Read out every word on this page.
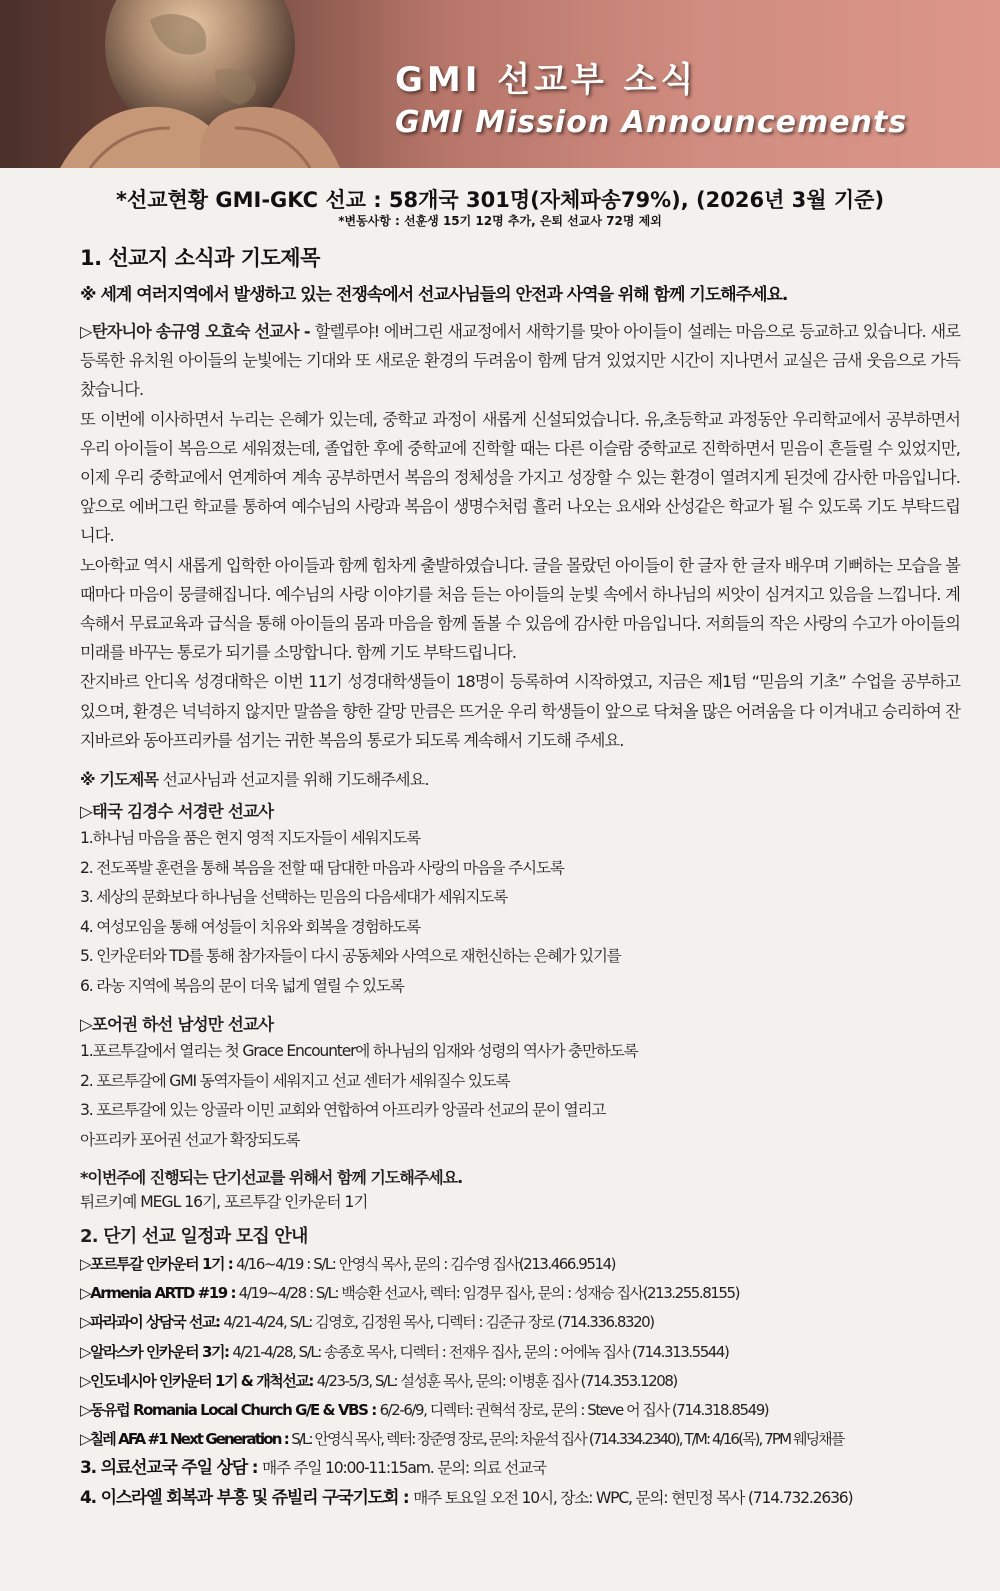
GMI 선교부 소식
GMI Mission Announcements
*선교현황 GMI-GKC 선교 : 58개국 301명(자체파송79%), (2026년 3월 기준)
*변동사항 : 선훈생 15기 12명 추가, 은퇴 선교사 72명 제외
1. 선교지 소식과 기도제목
※ 세계 여러지역에서 발생하고 있는 전쟁속에서 선교사님들의 안전과 사역을 위해 함께 기도해주세요.

▷탄자니아 송규영 오효숙 선교사 - 할렐루야! 에버그린 새교정에서 새학기를 맞아 아이들이 설레는 마음으로 등교하고 있습니다. 새로 등록한 유치원 아이들의 눈빛에는 기대와 또 새로운 환경의 두려움이 함께 담겨 있었지만 시간이 지나면서 교실은 금새 웃음으로 가득 찼습니다.

또 이번에 이사하면서 누리는 은혜가 있는데, 중학교 과정이 새롭게 신설되었습니다. 유,초등학교 과정동안 우리학교에서 공부하면서 우리 아이들이 복음으로 세워졌는데, 졸업한 후에 중학교에 진학할 때는 다른 이슬람 중학교로 진학하면서 믿음이 흔들릴 수 있었지만, 이제 우리 중학교에서 연계하여 계속 공부하면서 복음의 정체성을 가지고 성장할 수 있는 환경이 열려지게 된것에 감사한 마음입니다. 앞으로 에버그린 학교를 통하여 예수님의 사랑과 복음이 생명수처럼 흘러 나오는 요새와 산성같은 학교가 될 수 있도록 기도 부탁드립니다.

노아학교 역시 새롭게 입학한 아이들과 함께 힘차게 출발하였습니다. 글을 몰랐던 아이들이 한 글자 한 글자 배우며 기뻐하는 모습을 볼 때마다 마음이 뭉클해집니다. 예수님의 사랑 이야기를 처음 듣는 아이들의 눈빛 속에서 하나님의 씨앗이 심겨지고 있음을 느낍니다. 계속해서 무료교육과 급식을 통해 아이들의 몸과 마음을 함께 돌볼 수 있음에 감사한 마음입니다. 저희들의 작은 사랑의 수고가 아이들의 미래를 바꾸는 통로가 되기를 소망합니다. 함께 기도 부탁드립니다.

잔지바르 안디옥 성경대학은 이번 11기 성경대학생들이 18명이 등록하여 시작하였고, 지금은 제1텀 “믿음의 기초” 수업을 공부하고 있으며, 환경은 넉넉하지 않지만 말씀을 향한 갈망 만큼은 뜨거운 우리 학생들이 앞으로 닥쳐올 많은 어려움을 다 이겨내고 승리하여 잔지바르와 동아프리카를 섬기는 귀한 복음의 통로가 되도록 계속해서 기도해 주세요.

※ 기도제목 선교사님과 선교지를 위해 기도해주세요.
▷태국 김경수 서경란 선교사
1.하나님 마음을 품은 현지 영적 지도자들이 세워지도록
2. 전도폭발 훈련을 통해 복음을 전할 때 담대한 마음과 사랑의 마음을 주시도록
3. 세상의 문화보다 하나님을 선택하는 믿음의 다음세대가 세워지도록
4. 여성모임을 통해 여성들이 치유와 회복을 경험하도록
5. 인카운터와 TD를 통해 참가자들이 다시 공동체와 사역으로 재헌신하는 은혜가 있기를
6. 라농 지역에 복음의 문이 더욱 넓게 열릴 수 있도록
▷포어권 하선 남성만 선교사
1.포르투갈에서 열리는 첫 Grace Encounter에 하나님의 임재와 성령의 역사가 충만하도록
2. 포르투갈에 GMI 동역자들이 세워지고 선교 센터가 세워질수 있도록
3. 포르투갈에 있는 앙골라 이민 교회와 연합하여 아프리카 앙골라 선교의 문이 열리고
아프리카 포어권 선교가 확장되도록
*이번주에 진행되는 단기선교를 위해서 함께 기도해주세요.
튀르키예 MEGL 16기, 포르투갈 인카운터 1기
2. 단기 선교 일정과 모집 안내
▷포르투갈 인카운터 1기 : 4/16~4/19 : S/L: 안영식 목사, 문의 : 김수영 집사(213.466.9514)
▷Armenia ARTD #19 : 4/19~4/28 : S/L: 백승환 선교사, 렉터: 임경무 집사, 문의 : 성재승 집사(213.255.8155)
▷파라과이 상담국 선교: 4/21-4/24, S/L: 김영호, 김정원 목사, 디렉터 : 김준규 장로 (714.336.8320)
▷알라스카 인카운터 3기: 4/21-4/28, S/L: 송종호 목사, 디렉터 : 전재우 집사, 문의 : 어에녹 집사 (714.313.5544)
▷인도네시아 인카운터 1기 & 개척선교: 4/23-5/3, S/L: 설성훈 목사, 문의: 이병훈 집사 (714.353.1208)
▷동유럽 Romania Local Church G/E & VBS : 6/2-6/9, 디렉터: 권혁석 장로, 문의 : Steve 어 집사 (714.318.8549)
▷칠레 AFA #1 Next Generation : S/L: 안영식 목사, 렉터: 장준영 장로, 문의: 차윤석 집사 (714.334.2340), T/M: 4/16(목), 7PM 웨딩채플
3. 의료선교국 주일 상담 : 매주 주일 10:00-11:15am. 문의: 의료 선교국
4. 이스라엘 회복과 부흥 및 쥬빌리 구국기도회 : 매주 토요일 오전 10시, 장소: WPC, 문의: 현민정 목사 (714.732.2636)
